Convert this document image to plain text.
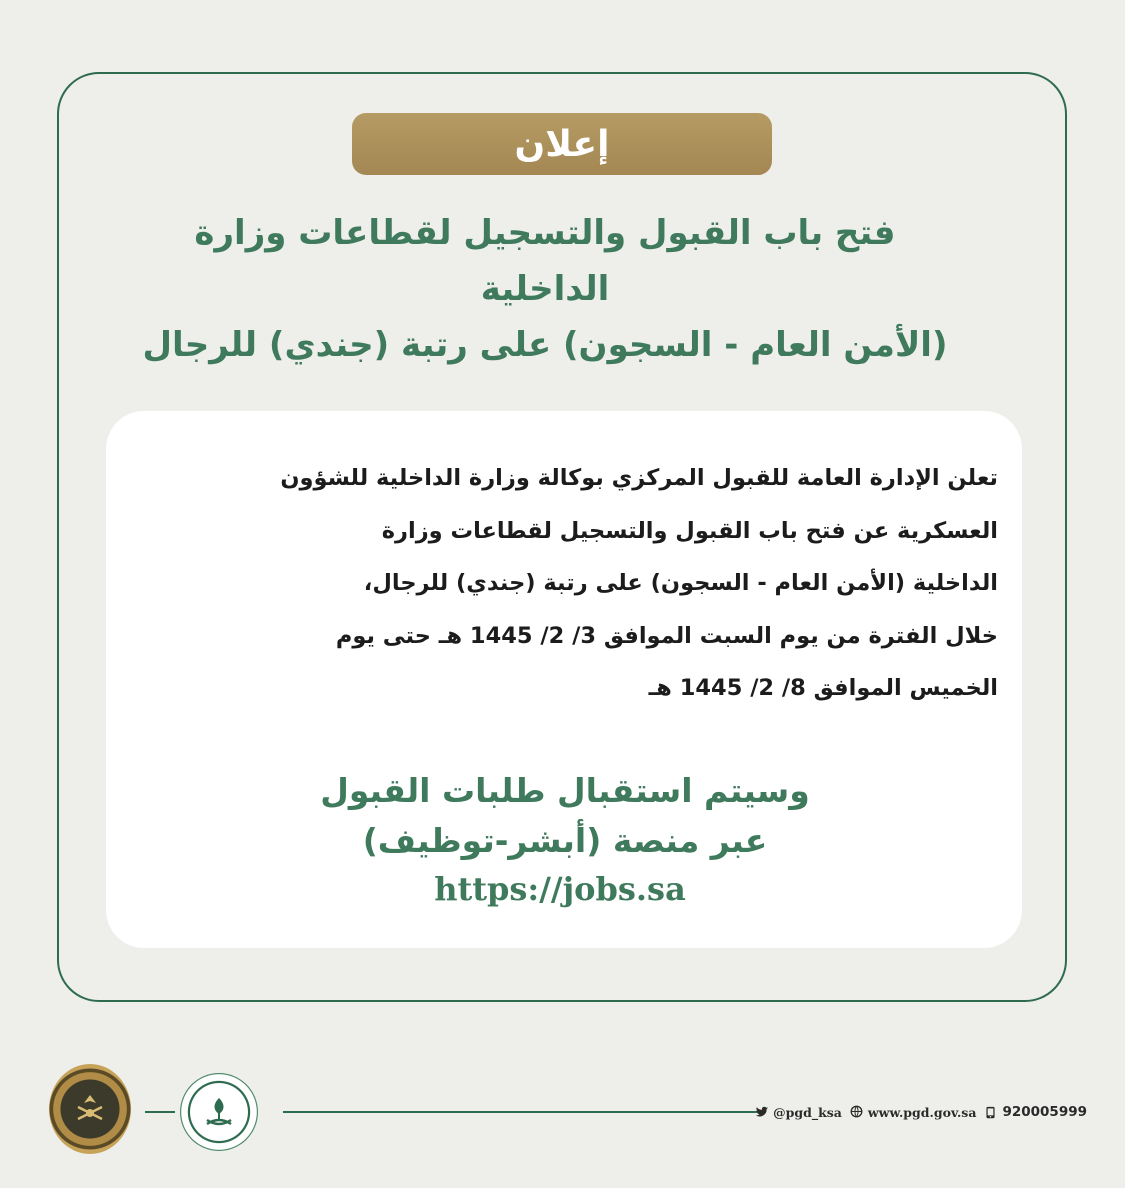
إعلان
فتح باب القبول والتسجيل لقطاعات وزارة الداخلية
(الأمن العام - السجون) على رتبة (جندي) للرجال

تعلن الإدارة العامة للقبول المركزي بوكالة وزارة الداخلية للشؤون

العسكرية عن فتح باب القبول والتسجيل لقطاعات وزارة

الداخلية (الأمن العام - السجون) على رتبة (جندي) للرجال،

خلال الفترة من يوم السبت الموافق 3/ 2/ 1445 هـ حتى يوم

الخميس الموافق 8/ 2/ 1445 هـ

وسيتم استقبال طلبات القبول
عبر منصة (أبشر-توظيف)
https://jobs.sa
@pgd_ksa www.pgd.gov.sa 920005999
